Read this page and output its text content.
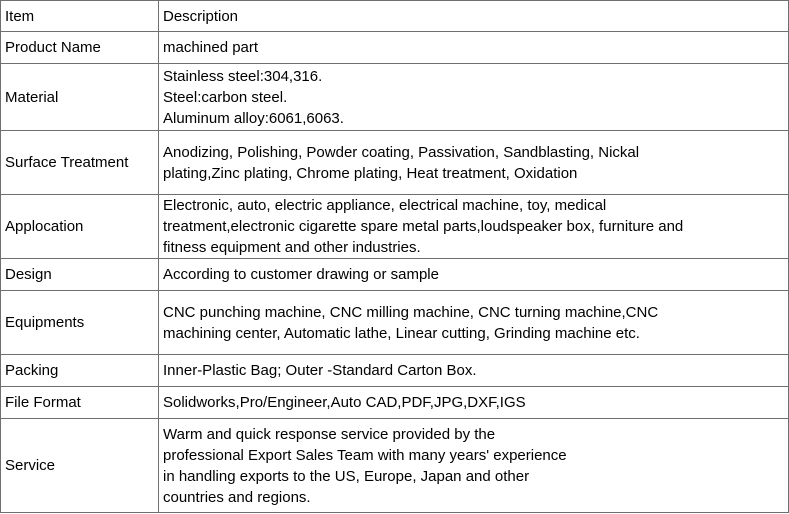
Item	Description
Product Name	machined part

Material	Stainless steel:304,316.
Steel:carbon steel.
Aluminum alloy:6061,6063.

Surface Treatment	Anodizing, Polishing, Powder coating, Passivation, Sandblasting, Nickal
plating,Zinc plating, Chrome plating, Heat treatment, Oxidation

Applocation	Electronic, auto, electric appliance, electrical machine, toy, medical
treatment,electronic cigarette spare metal parts,loudspeaker box, furniture and
fitness equipment and other industries.

Design	According to customer drawing or sample

Equipments	CNC punching machine, CNC milling machine, CNC turning machine,CNC
machining center, Automatic lathe, Linear cutting, Grinding machine etc.

Packing	Inner-Plastic Bag; Outer -Standard Carton Box.

File Format	Solidworks,Pro/Engineer,Auto CAD,PDF,JPG,DXF,IGS

Service	Warm and quick response service provided by the
professional Export Sales Team with many years' experience
in handling exports to the US, Europe, Japan and other
countries and regions.
